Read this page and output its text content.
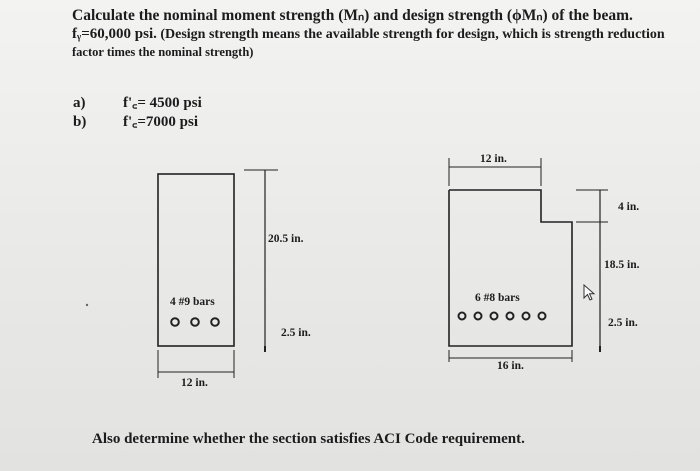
Calculate the nominal moment strength (Mₙ) and design strength (ϕMₙ) of the beam.
fᵧ=60,000 psi. (Design strength means the available strength for design, which is strength reduction
factor times the nominal strength)
a)	f'꜀= 4500 psi
b)	f'꜀=7000 psi
20.5 in.
2.5 in.
12 in.
4 #9 bars
12 in.
4 in.
18.5 in.
2.5 in.
16 in.
6 #8 bars
Also determine whether the section satisfies ACI Code requirement.
